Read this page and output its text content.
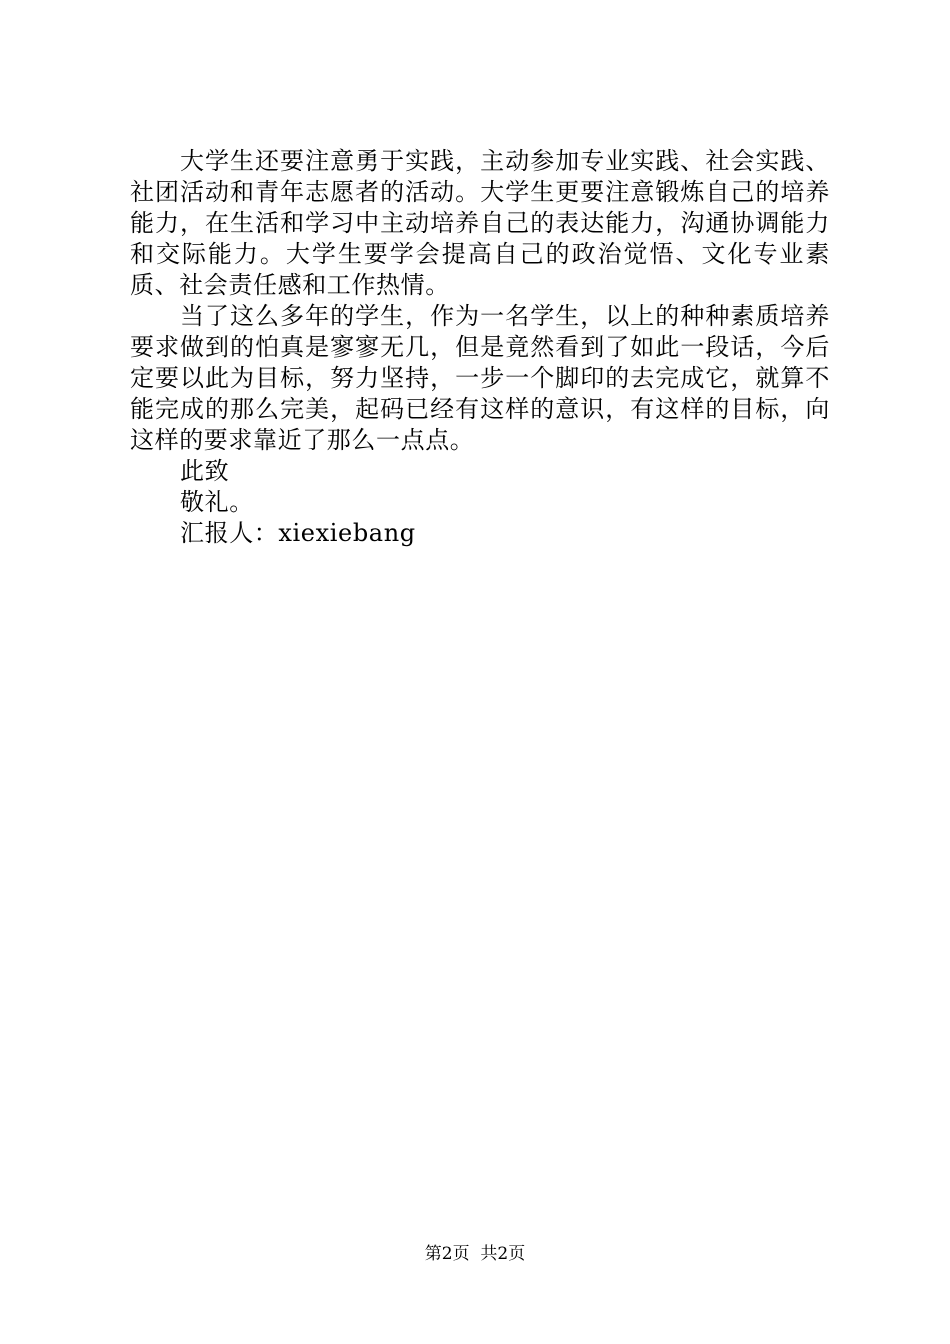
大学生还要注意勇于实践，主动参加专业实践、社会实践、社团活动和青年志愿者的活动。大学生更要注意锻炼自己的培养能力，在生活和学习中主动培养自己的表达能力，沟通协调能力和交际能力。大学生要学会提高自己的政治觉悟、文化专业素质、社会责任感和工作热情。

当了这么多年的学生，作为一名学生，以上的种种素质培养要求做到的怕真是寥寥无几，但是竟然看到了如此一段话，今后定要以此为目标，努力坚持，一步一个脚印的去完成它，就算不能完成的那么完美，起码已经有这样的意识，有这样的目标，向这样的要求靠近了那么一点点。

此致

敬礼。

汇报人：xiexiebang

第2页  共2页
